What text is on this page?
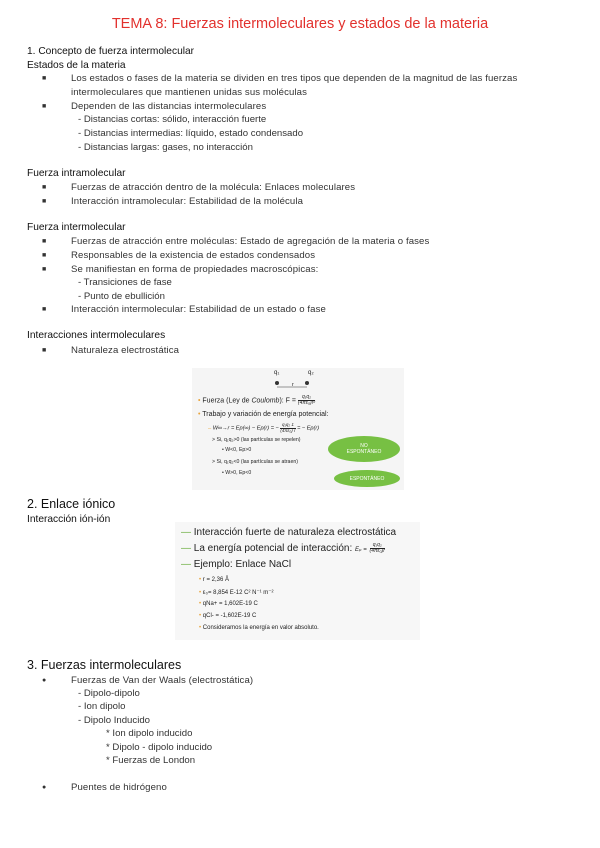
TEMA 8: Fuerzas intermoleculares y estados de la materia
1. Concepto de fuerza intermolecular
Estados de la materia
■	Los estados o fases de la materia se dividen en tres tipos que dependen de la magnitud de las fuerzas
intermoleculares que mantienen unidas sus moléculas
■	Dependen de las distancias intermoleculares
- Distancias cortas: sólido, interacción fuerte
- Distancias intermedias: líquido, estado condensado
- Distancias largas: gases, no interacción
Fuerza intramolecular
■	Fuerzas de atracción dentro de la molécula: Enlaces moleculares
■	Interacción intramolecular: Estabilidad de la molécula
Fuerza intermolecular
■	Fuerzas de atracción entre moléculas: Estado de agregación de la materia o fases
■	Responsables de la existencia de estados condensados
■	Se manifiestan en forma de propiedades macroscópicas:
- Transiciones de fase
- Punto de ebullición
■	Interacción intermolecular: Estabilidad de un estado o fase
Interacciones intermoleculares
■	Naturaleza electrostática
q₁	q₂
r
• Fuerza (Ley de Coulomb): $F = \frac{\text{q₁q₂}}{\text{(4πε₀)r²}}$
• Trabajo y variación de energía potencial:
– W∞→r = Ep(∞) − Ep(r) = − $\frac{\text{q₁q₂ 1}}{\text{(4πε₀) r}}$ = − Ep(r)
> Si, q₁q₂>0 (las partículas se repelen)
• W<0, Ep>0
> Si, q₁q₂<0 (las partículas se atraen)
• W>0, Ep<0
NO
ESPONTÁNEO
ESPONTÁNEO
2. Enlace iónico
Interacción ión-ión
— Interacción fuerte de naturaleza electrostática
— La energía potencial de interacción: $E_p = \frac{\text{q₁q₂}}{\text{(4πε₀)r}}$
— Ejemplo: Enlace NaCl
• r = 2,36 Å
• ε₀= 8,854 E-12 C² N⁻¹ m⁻²
• qNa+ = 1,602E-19 C
• qCl- = -1,602E-19 C
• Consideramos la energía en valor absoluto.
3. Fuerzas intermoleculares
●	Fuerzas de Van der Waals (electrostática)
- Dipolo-dipolo
- Ion dipolo
- Dipolo Inducido
* Ion dipolo inducido
* Dipolo - dipolo inducido
* Fuerzas de London
●	Puentes de hidrógeno
